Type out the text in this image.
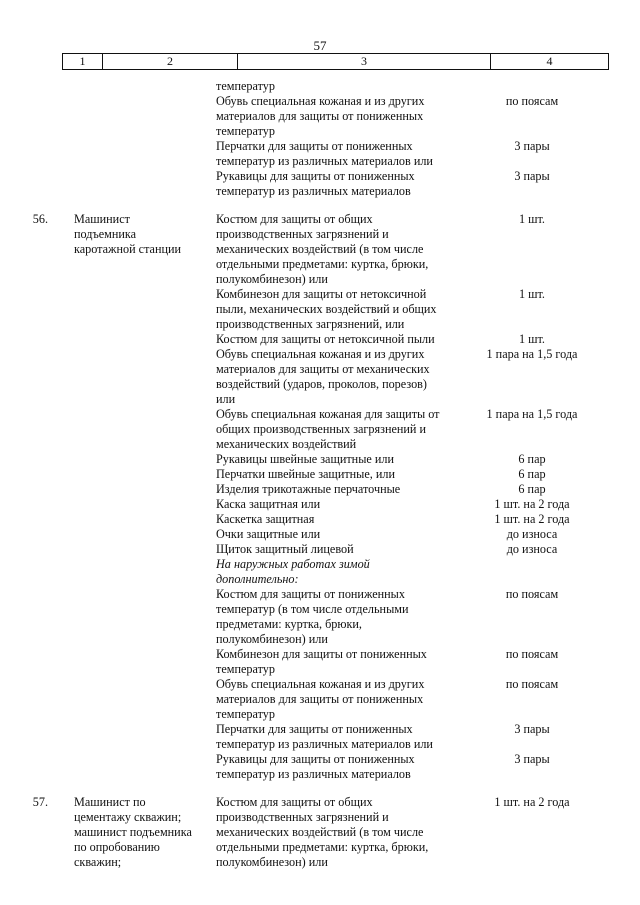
57
1	2	3	4
температур
Обувь специальная кожаная и из других	по поясам
материалов для защиты от пониженных
температур
Перчатки для защиты от пониженных	3 пары
температур из различных материалов или
Рукавицы для защиты от пониженных	3 пары
температур из различных материалов
56.	Машинист	Костюм для защиты от общих	1 шт.
подъемника	производственных загрязнений и
каротажной станции	механических воздействий (в том числе
отдельными предметами: куртка, брюки,
полукомбинезон) или
Комбинезон для защиты от нетоксичной	1 шт.
пыли, механических воздействий и общих
производственных загрязнений, или
Костюм для защиты от нетоксичной пыли	1 шт.
Обувь специальная кожаная и из других	1 пара на 1,5 года
материалов для защиты от механических
воздействий (ударов, проколов, порезов)
или
Обувь специальная кожаная для защиты от	1 пара на 1,5 года
общих производственных загрязнений и
механических воздействий
Рукавицы швейные защитные или	6 пар
Перчатки швейные защитные, или	6 пар
Изделия трикотажные перчаточные	6 пар
Каска защитная или	1 шт. на 2 года
Каскетка защитная	1 шт. на 2 года
Очки защитные или	до износа
Щиток защитный лицевой	до износа
На наружных работах зимой
дополнительно:
Костюм для защиты от пониженных	по поясам
температур (в том числе отдельными
предметами: куртка, брюки,
полукомбинезон) или
Комбинезон для защиты от пониженных	по поясам
температур
Обувь специальная кожаная и из других	по поясам
материалов для защиты от пониженных
температур
Перчатки для защиты от пониженных	3 пары
температур из различных материалов или
Рукавицы для защиты от пониженных	3 пары
температур из различных материалов
57.	Машинист по	Костюм для защиты от общих	1 шт. на 2 года
цементажу скважин;	производственных загрязнений и
машинист подъемника	механических воздействий (в том числе
по опробованию	отдельными предметами: куртка, брюки,
скважин;	полукомбинезон) или
